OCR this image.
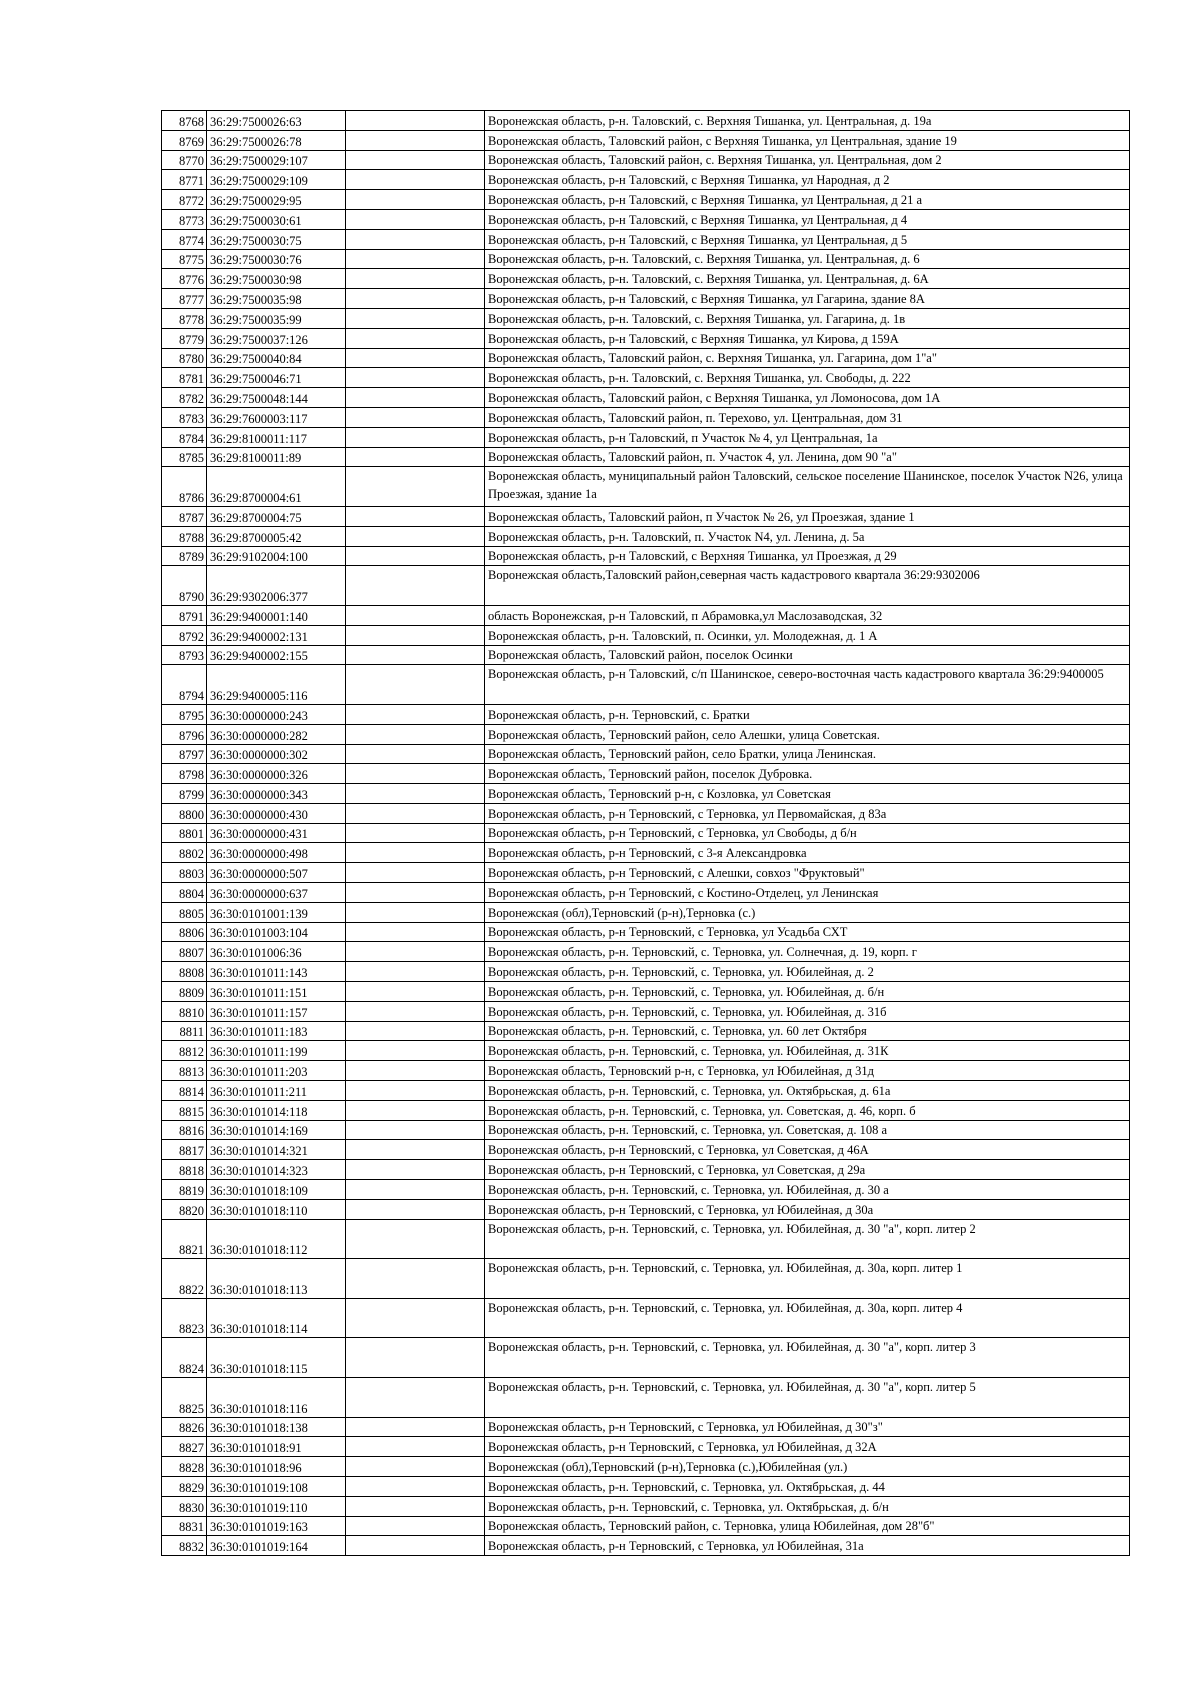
8768	36:29:7500026:63		Воронежская область, р-н. Таловский, с. Верхняя Тишанка, ул. Центральная, д. 19а
8769	36:29:7500026:78		Воронежская область, Таловский район, с Верхняя Тишанка, ул Центральная, здание 19
8770	36:29:7500029:107		Воронежская область, Таловский район, с. Верхняя Тишанка, ул. Центральная, дом 2
8771	36:29:7500029:109		Воронежская область, р-н Таловский, с Верхняя Тишанка, ул Народная, д 2
8772	36:29:7500029:95		Воронежская область, р-н Таловский, с Верхняя Тишанка, ул Центральная, д 21 а
8773	36:29:7500030:61		Воронежская область, р-н Таловский, с Верхняя Тишанка, ул Центральная, д 4
8774	36:29:7500030:75		Воронежская область, р-н Таловский, с Верхняя Тишанка, ул Центральная, д 5
8775	36:29:7500030:76		Воронежская область, р-н. Таловский, с. Верхняя Тишанка, ул. Центральная, д. 6
8776	36:29:7500030:98		Воронежская область, р-н. Таловский, с. Верхняя Тишанка, ул. Центральная, д. 6А
8777	36:29:7500035:98		Воронежская область, р-н Таловский, с Верхняя Тишанка, ул Гагарина, здание 8А
8778	36:29:7500035:99		Воронежская область, р-н. Таловский, с. Верхняя Тишанка, ул. Гагарина, д. 1в
8779	36:29:7500037:126		Воронежская область, р-н Таловский, с Верхняя Тишанка, ул Кирова, д 159А
8780	36:29:7500040:84		Воронежская область, Таловский район, с. Верхняя Тишанка, ул. Гагарина, дом 1"а"
8781	36:29:7500046:71		Воронежская область, р-н. Таловский, с. Верхняя Тишанка, ул. Свободы, д. 222
8782	36:29:7500048:144		Воронежская область, Таловский район, с Верхняя Тишанка, ул Ломоносова, дом 1А
8783	36:29:7600003:117		Воронежская область, Таловский район, п. Терехово, ул. Центральная, дом 31
8784	36:29:8100011:117		Воронежская область, р-н Таловский, п Участок № 4, ул Центральная, 1а
8785	36:29:8100011:89		Воронежская область, Таловский район, п. Участок 4, ул. Ленина, дом 90 "а"
8786	36:29:8700004:61		Воронежская область, муниципальный район Таловский, сельское поселение Шанинское, поселок Участок N26, улица Проезжая, здание 1а
8787	36:29:8700004:75		Воронежская область, Таловский район, п Участок № 26, ул Проезжая, здание 1
8788	36:29:8700005:42		Воронежская область, р-н. Таловский, п. Участок N4, ул. Ленина, д. 5а
8789	36:29:9102004:100		Воронежская область, р-н Таловский, с Верхняя Тишанка, ул Проезжая, д 29
8790	36:29:9302006:377		Воронежская область,Таловский район,северная часть кадастрового квартала 36:29:9302006
8791	36:29:9400001:140		область Воронежская, р-н Таловский, п Абрамовка,ул Маслозаводская, 32
8792	36:29:9400002:131		Воронежская область, р-н. Таловский, п. Осинки, ул. Молодежная, д. 1 А
8793	36:29:9400002:155		Воронежская область, Таловский район, поселок Осинки
8794	36:29:9400005:116		Воронежская область, р-н Таловский, с/п Шанинское, северо-восточная часть кадастрового квартала 36:29:9400005
8795	36:30:0000000:243		Воронежская область, р-н. Терновский, с. Братки
8796	36:30:0000000:282		Воронежская область, Терновский район, село Алешки, улица Советская.
8797	36:30:0000000:302		Воронежская область, Терновский район, село Братки, улица Ленинская.
8798	36:30:0000000:326		Воронежская область, Терновский район, поселок Дубровка.
8799	36:30:0000000:343		Воронежская область, Терновский р-н, с Козловка, ул Советская
8800	36:30:0000000:430		Воронежская область, р-н Терновский, с Терновка, ул Первомайская, д 83а
8801	36:30:0000000:431		Воронежская область, р-н Терновский, с Терновка, ул Свободы, д б/н
8802	36:30:0000000:498		Воронежская область, р-н Терновский, с 3-я Александровка
8803	36:30:0000000:507		Воронежская область, р-н Терновский, с Алешки, совхоз "Фруктовый"
8804	36:30:0000000:637		Воронежская область, р-н Терновский, с Костино-Отделец, ул Ленинская
8805	36:30:0101001:139		Воронежская (обл),Терновский (р-н),Терновка (с.)
8806	36:30:0101003:104		Воронежская область, р-н Терновский, с Терновка, ул Усадьба СХТ
8807	36:30:0101006:36		Воронежская область, р-н. Терновский, с. Терновка, ул. Солнечная, д. 19, корп. г
8808	36:30:0101011:143		Воронежская область, р-н. Терновский, с. Терновка, ул. Юбилейная, д. 2
8809	36:30:0101011:151		Воронежская область, р-н. Терновский, с. Терновка, ул. Юбилейная, д. б/н
8810	36:30:0101011:157		Воронежская область, р-н. Терновский, с. Терновка, ул. Юбилейная, д. 31б
8811	36:30:0101011:183		Воронежская область, р-н. Терновский, с. Терновка, ул. 60 лет Октября
8812	36:30:0101011:199		Воронежская область, р-н. Терновский, с. Терновка, ул. Юбилейная, д. 31К
8813	36:30:0101011:203		Воронежская область, Терновский р-н, с Терновка, ул Юбилейная, д 31д
8814	36:30:0101011:211		Воронежская область, р-н. Терновский, с. Терновка, ул. Октябрьская, д. 61а
8815	36:30:0101014:118		Воронежская область, р-н. Терновский, с. Терновка, ул. Советская, д. 46, корп. б
8816	36:30:0101014:169		Воронежская область, р-н. Терновский, с. Терновка, ул. Советская, д. 108 а
8817	36:30:0101014:321		Воронежская область, р-н Терновский, с Терновка, ул Советская, д 46А
8818	36:30:0101014:323		Воронежская область, р-н Терновский, с Терновка, ул Советская, д 29а
8819	36:30:0101018:109		Воронежская область, р-н. Терновский, с. Терновка, ул. Юбилейная, д. 30 а
8820	36:30:0101018:110		Воронежская область, р-н Терновский, с Терновка, ул Юбилейная, д 30а
8821	36:30:0101018:112		Воронежская область, р-н. Терновский, с. Терновка, ул. Юбилейная, д. 30 "а", корп. литер 2
8822	36:30:0101018:113		Воронежская область, р-н. Терновский, с. Терновка, ул. Юбилейная, д. 30а, корп. литер 1
8823	36:30:0101018:114		Воронежская область, р-н. Терновский, с. Терновка, ул. Юбилейная, д. 30а, корп. литер 4
8824	36:30:0101018:115		Воронежская область, р-н. Терновский, с. Терновка, ул. Юбилейная, д. 30 "а", корп. литер 3
8825	36:30:0101018:116		Воронежская область, р-н. Терновский, с. Терновка, ул. Юбилейная, д. 30 "а", корп. литер 5
8826	36:30:0101018:138		Воронежская область, р-н Терновский, с Терновка, ул Юбилейная, д 30"з"
8827	36:30:0101018:91		Воронежская область, р-н Терновский, с Терновка, ул Юбилейная, д 32А
8828	36:30:0101018:96		Воронежская (обл),Терновский (р-н),Терновка (с.),Юбилейная (ул.)
8829	36:30:0101019:108		Воронежская область, р-н. Терновский, с. Терновка, ул. Октябрьская, д. 44
8830	36:30:0101019:110		Воронежская область, р-н. Терновский, с. Терновка, ул. Октябрьская, д. б/н
8831	36:30:0101019:163		Воронежская область, Терновский район, с. Терновка, улица Юбилейная, дом 28"б"
8832	36:30:0101019:164		Воронежская область, р-н Терновский, с Терновка, ул Юбилейная, 31а
